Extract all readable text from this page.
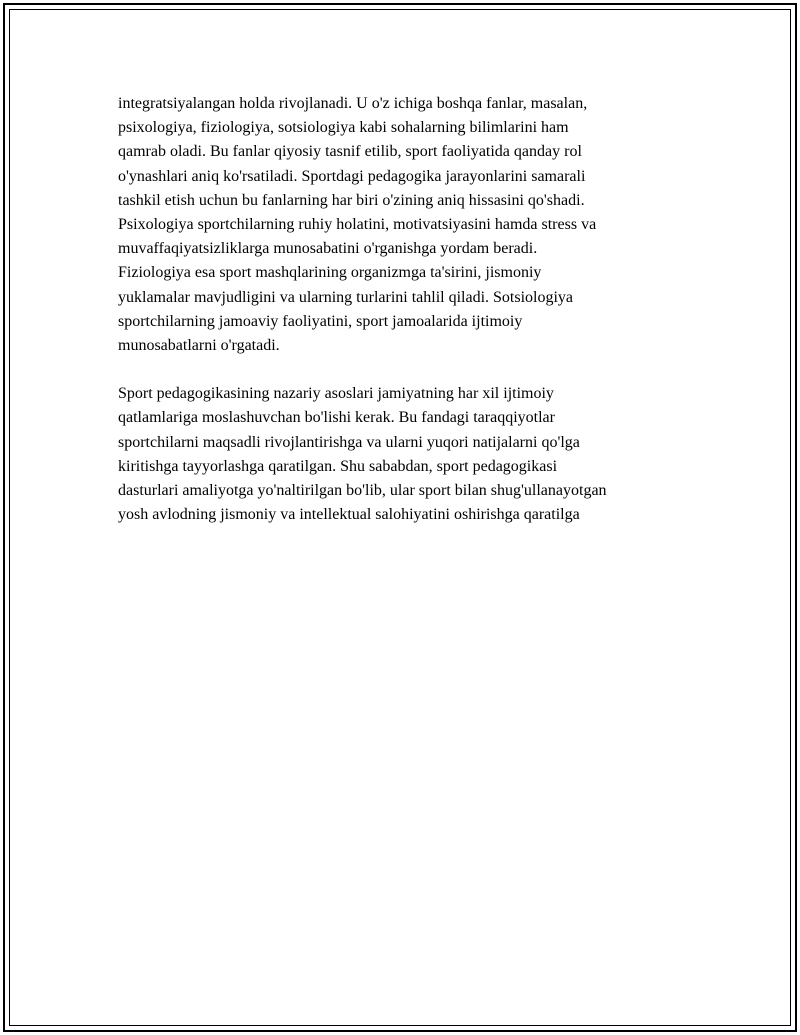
integratsiyalangan holda rivojlanadi. U o'z ichiga boshqa fanlar, masalan,
psixologiya, fiziologiya, sotsiologiya kabi sohalarning bilimlarini ham
qamrab oladi. Bu fanlar qiyosiy tasnif etilib, sport faoliyatida qanday rol
o'ynashlari aniq ko'rsatiladi. Sportdagi pedagogika jarayonlarini samarali
tashkil etish uchun bu fanlarning har biri o'zining aniq hissasini qo'shadi.
Psixologiya sportchilarning ruhiy holatini, motivatsiyasini hamda stress va
muvaffaqiyatsizliklarga munosabatini o'rganishga yordam beradi.
Fiziologiya esa sport mashqlarining organizmga ta'sirini, jismoniy
yuklamalar mavjudligini va ularning turlarini tahlil qiladi. Sotsiologiya
sportchilarning jamoaviy faoliyatini, sport jamoalarida ijtimoiy
munosabatlarni o'rgatadi.

Sport pedagogikasining nazariy asoslari jamiyatning har xil ijtimoiy
qatlamlariga moslashuvchan bo'lishi kerak. Bu fandagi taraqqiyotlar
sportchilarni maqsadli rivojlantirishga va ularni yuqori natijalarni qo'lga
kiritishga tayyorlashga qaratilgan. Shu sababdan, sport pedagogikasi
dasturlari amaliyotga yo'naltirilgan bo'lib, ular sport bilan shug'ullanayotgan
yosh avlodning jismoniy va intellektual salohiyatini oshirishga qaratilga
